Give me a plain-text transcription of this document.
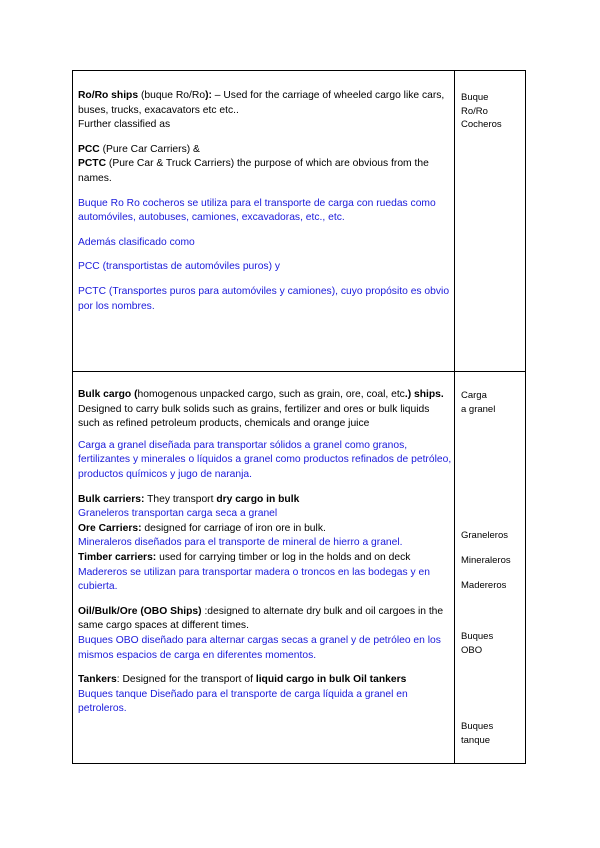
Ro/Ro ships (buque Ro/Ro): – Used for the carriage of wheeled cargo like cars, buses, trucks, exacavators etc etc..

Further classified as

PCC (Pure Car Carriers) &

PCTC (Pure Car & Truck Carriers) the purpose of which are obvious from the names.

Buque Ro Ro cocheros se utiliza para el transporte de carga con ruedas como automóviles, autobuses, camiones, excavadoras, etc., etc.

Además clasificado como

PCC (transportistas de automóviles puros) y

PCTC (Transportes puros para automóviles y camiones), cuyo propósito es obvio por los nombres.

Buque

Ro/Ro

Cocheros

Bulk cargo (homogenous unpacked cargo, such as grain, ore, coal, etc.) ships. Designed to carry bulk solids such as grains, fertilizer and ores or bulk liquids such as refined petroleum products, chemicals and orange juice

Carga a granel diseñada para transportar sólidos a granel como granos, fertilizantes y minerales o líquidos a granel como productos refinados de petróleo, productos químicos y jugo de naranja.

Bulk carriers: They transport dry cargo in bulk

Graneleros transportan carga seca a granel

Ore Carriers: designed for carriage of iron ore in bulk.

Mineraleros diseñados para el transporte de mineral de hierro a granel.

Timber carriers: used for carrying timber or log in the holds and on deck

Madereros se utilizan para transportar madera o troncos en las bodegas y en cubierta.

Oil/Bulk/Ore (OBO Ships) :designed to alternate dry bulk and oil cargoes in the same cargo spaces at different times.

Buques OBO diseñado para alternar cargas secas a granel y de petróleo en los mismos espacios de carga en diferentes momentos.

Tankers: Designed for the transport of liquid cargo in bulk Oil tankers

Buques tanque Diseñado para el transporte de carga líquida a granel en petroleros.

Carga

a granel

Graneleros
Mineraleros
Madereros

Buques

OBO

Buques

tanque
